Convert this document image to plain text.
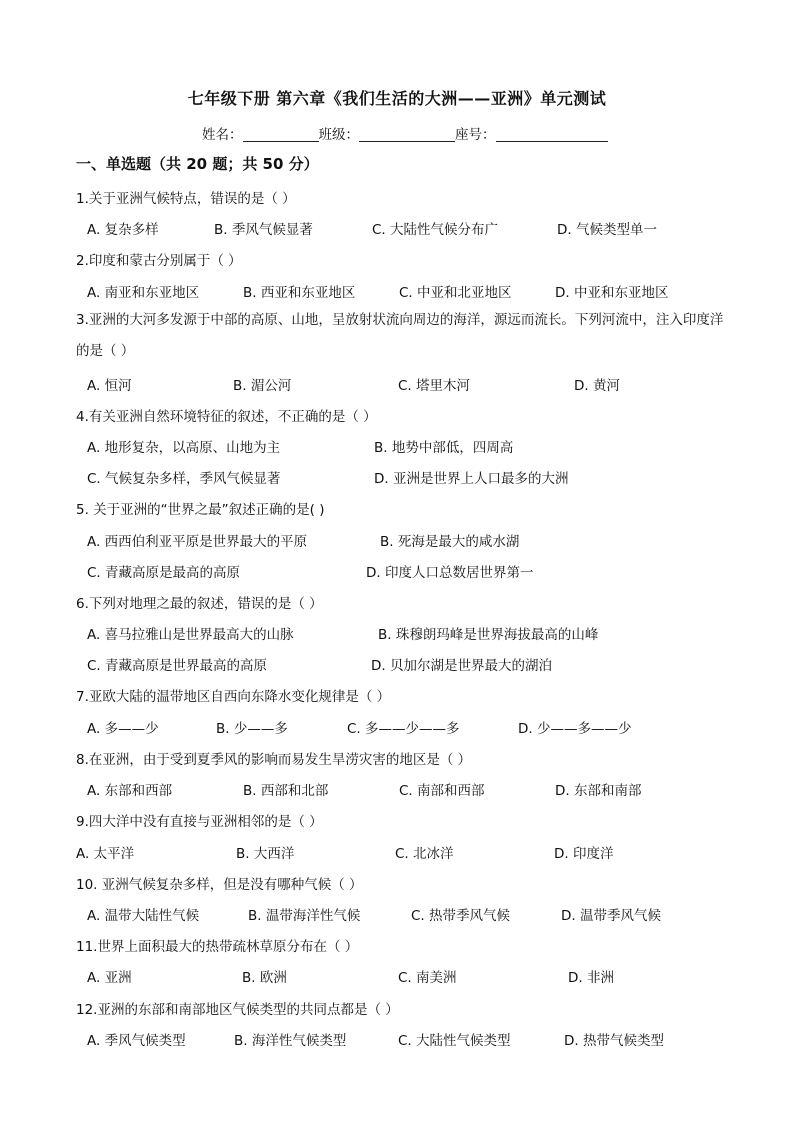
七年级下册 第六章《我们生活的大洲——亚洲》单元测试
姓名：	班级：	座号：
一、单选题（共 20 题；共 50 分）
1.关于亚洲气候特点，错误的是（ ）
A. 复杂多样	B. 季风气候显著	C. 大陆性气候分布广	D. 气候类型单一
2.印度和蒙古分别属于（ ）
A. 南亚和东亚地区	B. 西亚和东亚地区	C. 中亚和北亚地区	D. 中亚和东亚地区
3.亚洲的大河多发源于中部的高原、山地，呈放射状流向周边的海洋，源远而流长。下列河流中，注入印度洋的是（ ）
A. 恒河	B. 湄公河	C. 塔里木河	D. 黄河
4.有关亚洲自然环境特征的叙述，不正确的是（ ）
A. 地形复杂，以高原、山地为主	B. 地势中部低，四周高
C. 气候复杂多样，季风气候显著	D. 亚洲是世界上人口最多的大洲
5. 关于亚洲的“世界之最”叙述正确的是( )
A. 西西伯利亚平原是世界最大的平原	B. 死海是最大的咸水湖
C. 青藏高原是最高的高原	D. 印度人口总数居世界第一
6.下列对地理之最的叙述，错误的是（ ）
A. 喜马拉雅山是世界最高大的山脉	B. 珠穆朗玛峰是世界海拔最高的山峰
C. 青藏高原是世界最高的高原	D. 贝加尔湖是世界最大的湖泊
7.亚欧大陆的温带地区自西向东降水变化规律是（ ）
A. 多——少	B. 少——多	C. 多——少——多	D. 少——多——少
8.在亚洲，由于受到夏季风的影响而易发生旱涝灾害的地区是（ ）
A. 东部和西部	B. 西部和北部	C. 南部和西部	D. 东部和南部
9.四大洋中没有直接与亚洲相邻的是（ ）
A. 太平洋	B. 大西洋	C. 北冰洋	D. 印度洋
10. 亚洲气候复杂多样，但是没有哪种气候（ ）
A. 温带大陆性气候	B. 温带海洋性气候	C. 热带季风气候	D. 温带季风气候
11.世界上面积最大的热带疏林草原分布在（ ）
A. 亚洲	B. 欧洲	C. 南美洲	D. 非洲
12.亚洲的东部和南部地区气候类型的共同点都是（ ）
A. 季风气候类型	B. 海洋性气候类型	C. 大陆性气候类型	D. 热带气候类型
